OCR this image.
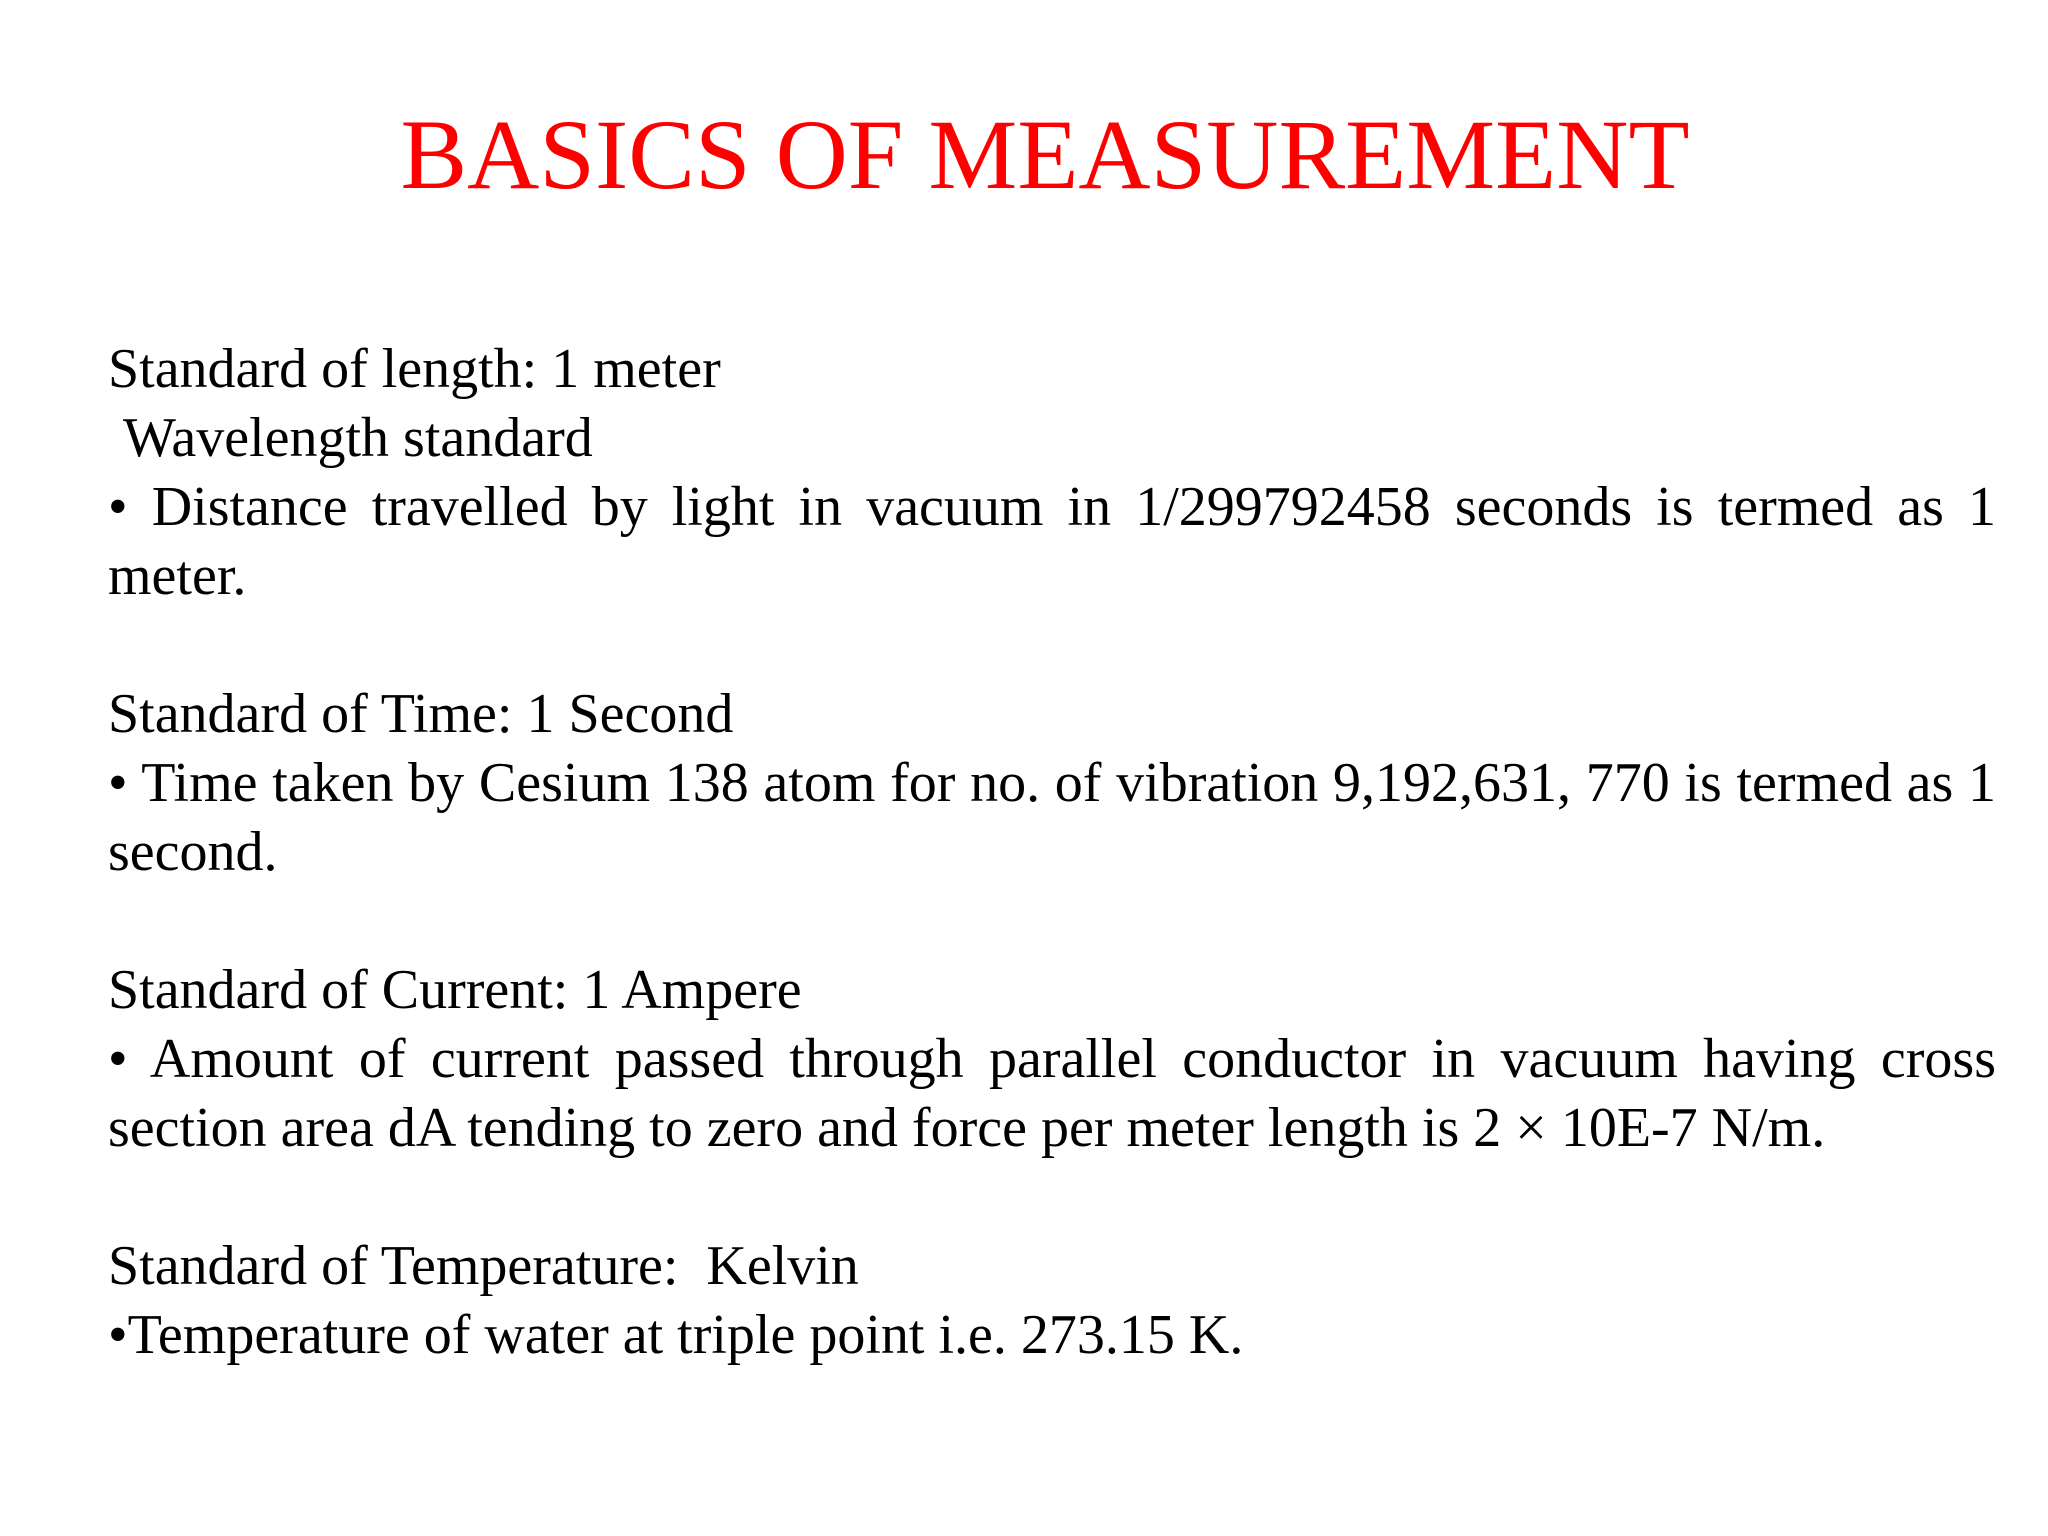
BASICS OF MEASUREMENT
Standard of length: 1 meter
Wavelength standard
• Distance travelled by light in vacuum in 1/299792458 seconds is termed as 1 meter.
Standard of Time: 1 Second
• Time taken by Cesium 138 atom for no. of vibration 9,192,631, 770 is termed as 1 second.
Standard of Current: 1 Ampere
• Amount of current passed through parallel conductor in vacuum having cross section area dA tending to zero and force per meter length is 2 × 10E-7 N/m.
Standard of Temperature:  Kelvin
•Temperature of water at triple point i.e. 273.15 K.
